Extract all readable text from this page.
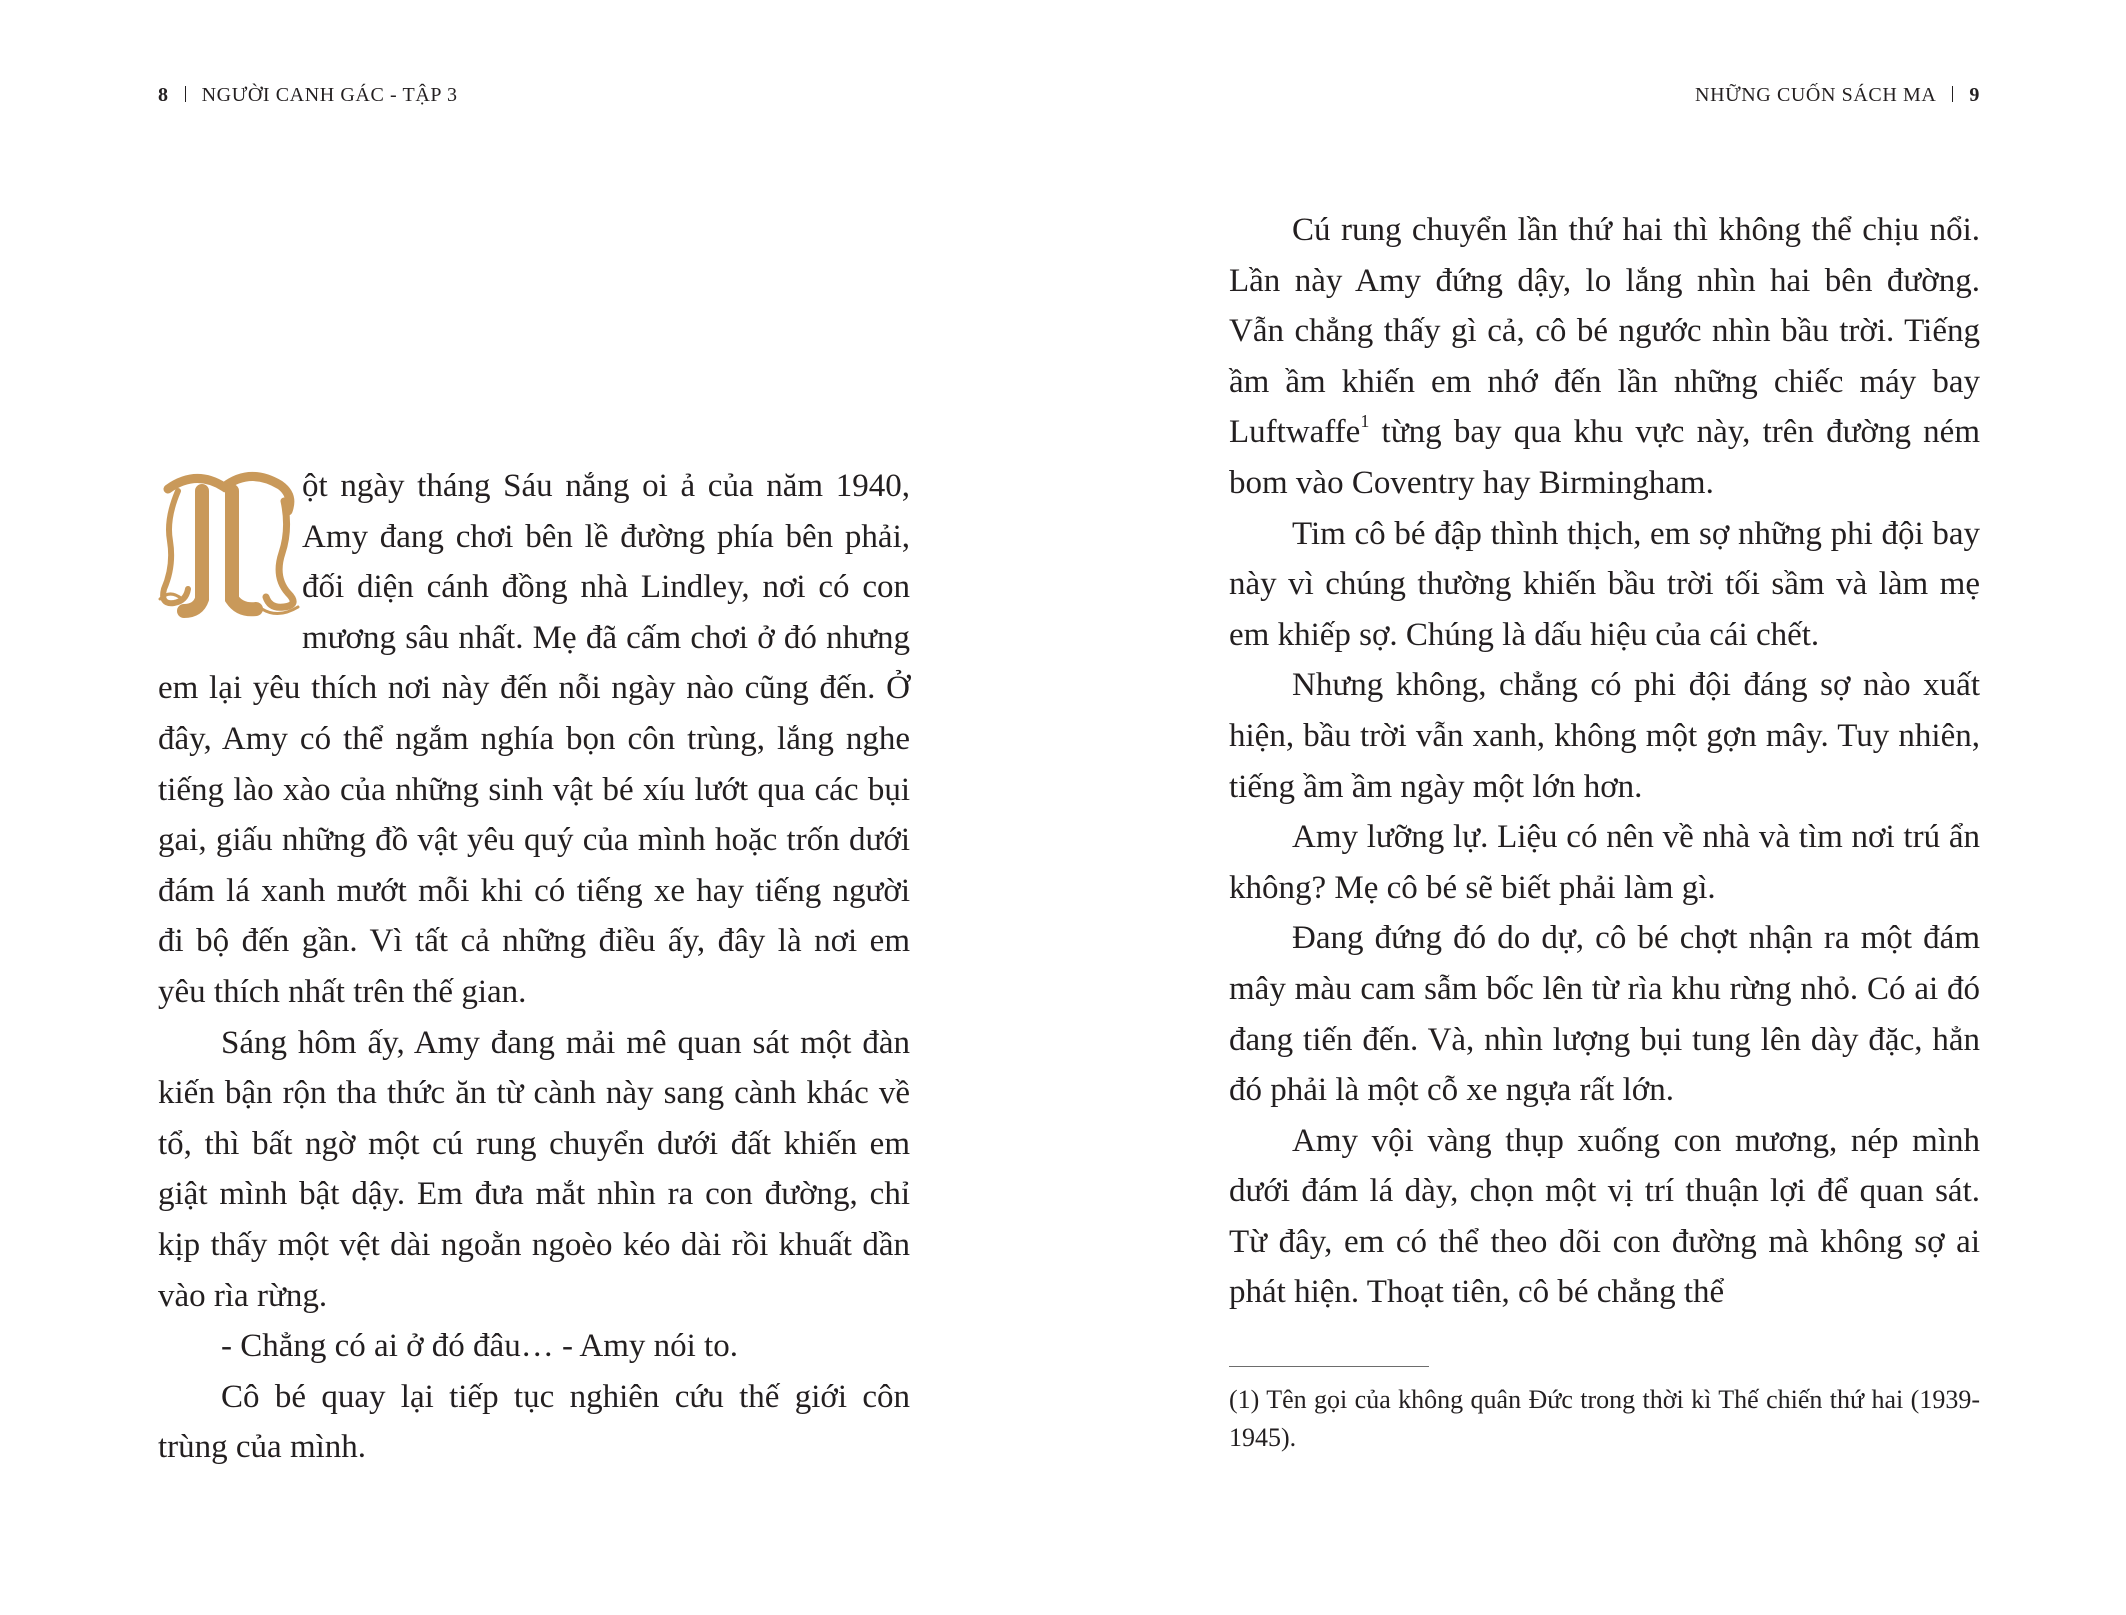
8 NGƯỜI CANH GÁC - TẬP 3

ột ngày tháng Sáu nắng oi ả của năm 1940, Amy đang chơi bên lề đường phía bên phải, đối diện cánh đồng nhà Lindley, nơi có con mương sâu nhất. Mẹ đã cấm chơi ở đó nhưng em lại yêu thích nơi này đến nỗi ngày nào cũng đến. Ở đây, Amy có thể ngắm nghía bọn côn trùng, lắng nghe tiếng lào xào của những sinh vật bé xíu lướt qua các bụi gai, giấu những đồ vật yêu quý của mình hoặc trốn dưới đám lá xanh mướt mỗi khi có tiếng xe hay tiếng người đi bộ đến gần. Vì tất cả những điều ấy, đây là nơi em yêu thích nhất trên thế gian.

Sáng hôm ấy, Amy đang mải mê quan sát một đàn kiến bận rộn tha thức ăn từ cành này sang cành khác về tổ, thì bất ngờ một cú rung chuyển dưới đất khiến em giật mình bật dậy. Em đưa mắt nhìn ra con đường, chỉ kịp thấy một vệt dài ngoằn ngoèo kéo dài rồi khuất dần vào rìa rừng.

- Chẳng có ai ở đó đâu… - Amy nói to.

Cô bé quay lại tiếp tục nghiên cứu thế giới côn trùng của mình.

NHỮNG CUỐN SÁCH MA 9

Cú rung chuyển lần thứ hai thì không thể chịu nổi. Lần này Amy đứng dậy, lo lắng nhìn hai bên đường. Vẫn chẳng thấy gì cả, cô bé ngước nhìn bầu trời. Tiếng ầm ầm khiến em nhớ đến lần những chiếc máy bay Luftwaffe$^1$ từng bay qua khu vực này, trên đường ném bom vào Coventry hay Birmingham.

Tim cô bé đập thình thịch, em sợ những phi đội bay này vì chúng thường khiến bầu trời tối sầm và làm mẹ em khiếp sợ. Chúng là dấu hiệu của cái chết.

Nhưng không, chẳng có phi đội đáng sợ nào xuất hiện, bầu trời vẫn xanh, không một gợn mây. Tuy nhiên, tiếng ầm ầm ngày một lớn hơn.

Amy lưỡng lự. Liệu có nên về nhà và tìm nơi trú ẩn không? Mẹ cô bé sẽ biết phải làm gì.

Đang đứng đó do dự, cô bé chợt nhận ra một đám mây màu cam sẫm bốc lên từ rìa khu rừng nhỏ. Có ai đó đang tiến đến. Và, nhìn lượng bụi tung lên dày đặc, hẳn đó phải là một cỗ xe ngựa rất lớn.

Amy vội vàng thụp xuống con mương, nép mình dưới đám lá dày, chọn một vị trí thuận lợi để quan sát. Từ đây, em có thể theo dõi con đường mà không sợ ai phát hiện. Thoạt tiên, cô bé chẳng thể

(1) Tên gọi của không quân Đức trong thời kì Thế chiến thứ hai (1939-1945).
